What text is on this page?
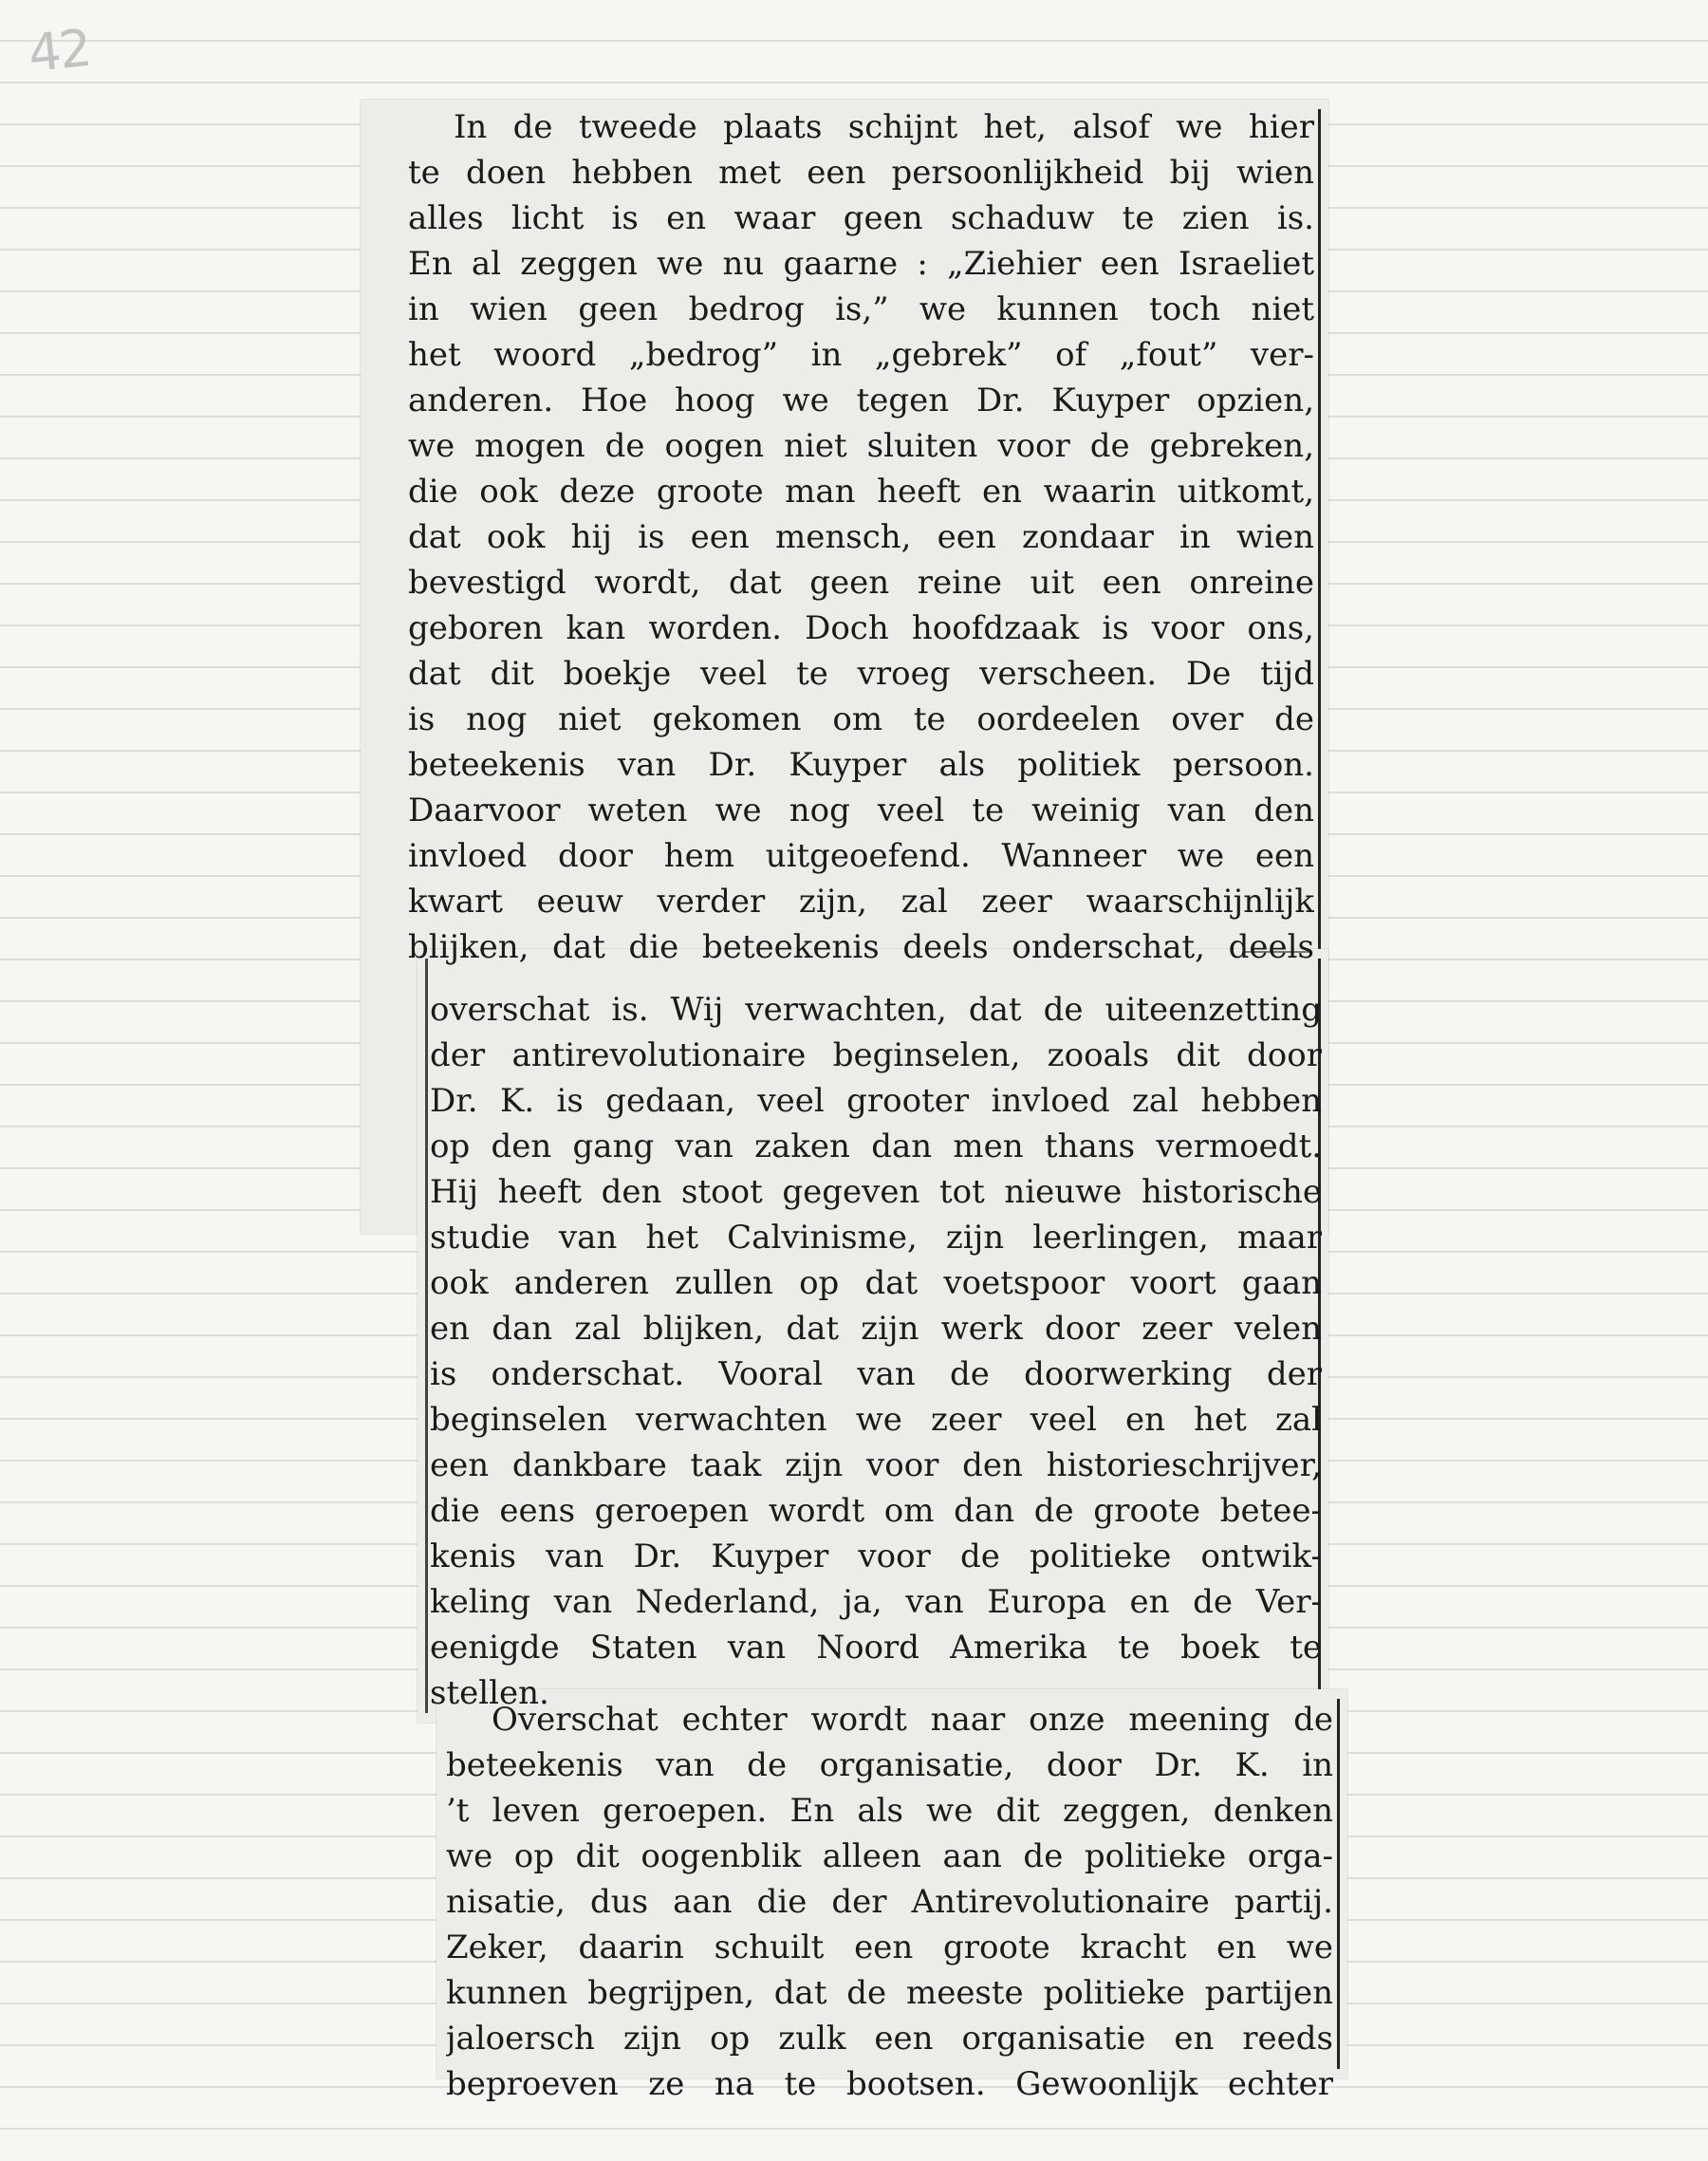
42
In de tweede plaats schijnt het, alsof we hier
te doen hebben met een persoonlijkheid bij wien
alles licht is en waar geen schaduw te zien is.
En al zeggen we nu gaarne : „Ziehier een Israeliet
in wien geen bedrog is,” we kunnen toch niet
het woord „bedrog” in „gebrek” of „fout” ver-
anderen. Hoe hoog we tegen Dr. Kuyper opzien,
we mogen de oogen niet sluiten voor de gebreken,
die ook deze groote man heeft en waarin uitkomt,
dat ook hij is een mensch, een zondaar in wien
bevestigd wordt, dat geen reine uit een onreine
geboren kan worden. Doch hoofdzaak is voor ons,
dat dit boekje veel te vroeg verscheen. De tijd
is nog niet gekomen om te oordeelen over de
beteekenis van Dr. Kuyper als politiek persoon.
Daarvoor weten we nog veel te weinig van den
invloed door hem uitgeoefend. Wanneer we een
kwart eeuw verder zijn, zal zeer waarschijnlijk
blijken, dat die beteekenis deels onderschat, deels
overschat is. Wij verwachten, dat de uiteenzetting
der antirevolutionaire beginselen, zooals dit door
Dr. K. is gedaan, veel grooter invloed zal hebben
op den gang van zaken dan men thans vermoedt.
Hij heeft den stoot gegeven tot nieuwe historische
studie van het Calvinisme, zijn leerlingen, maar
ook anderen zullen op dat voetspoor voort gaan
en dan zal blijken, dat zijn werk door zeer velen
is onderschat. Vooral van de doorwerking der
beginselen verwachten we zeer veel en het zal
een dankbare taak zijn voor den historieschrijver,
die eens geroepen wordt om dan de groote betee-
kenis van Dr. Kuyper voor de politieke ontwik-
keling van Nederland, ja, van Europa en de Ver-
eenigde Staten van Noord Amerika te boek te
stellen.
Overschat echter wordt naar onze meening de
beteekenis van de organisatie, door Dr. K. in
’t leven geroepen. En als we dit zeggen, denken
we op dit oogenblik alleen aan de politieke orga-
nisatie, dus aan die der Antirevolutionaire partij.
Zeker, daarin schuilt een groote kracht en we
kunnen begrijpen, dat de meeste politieke partijen
jaloersch zijn op zulk een organisatie en reeds
beproeven ze na te bootsen. Gewoonlijk echter
